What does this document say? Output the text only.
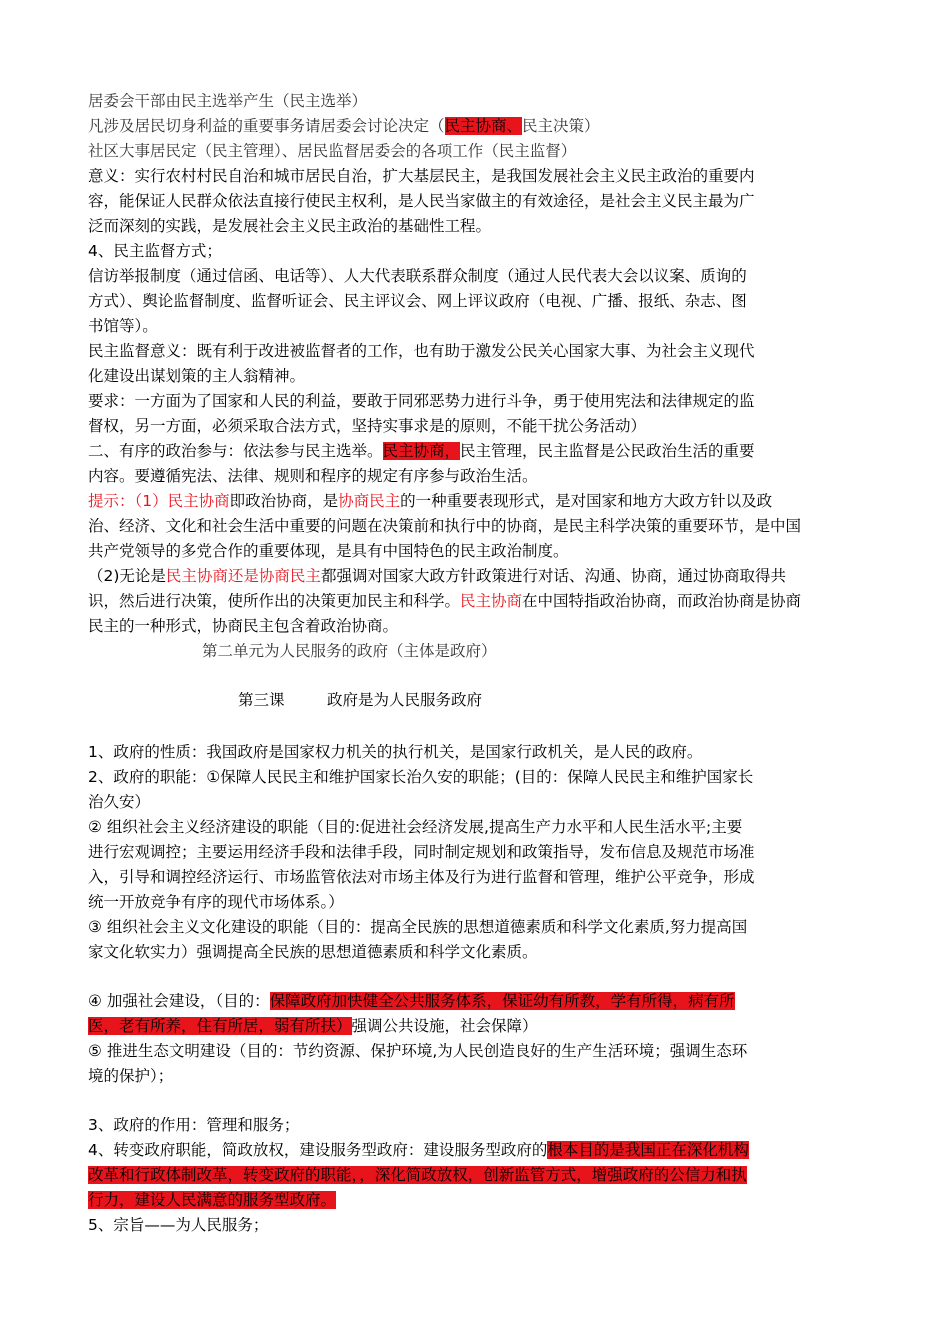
居委会干部由民主选举产生（民主选举）
凡涉及居民切身利益的重要事务请居委会讨论决定（民主协商、民主决策）
社区大事居民定（民主管理）、居民监督居委会的各项工作（民主监督）
意义：实行农村村民自治和城市居民自治，扩大基层民主，是我国发展社会主义民主政治的重要内
容，能保证人民群众依法直接行使民主权利，是人民当家做主的有效途径，是社会主义民主最为广
泛而深刻的实践，是发展社会主义民主政治的基础性工程。
4、民主监督方式；
信访举报制度（通过信函、电话等）、人大代表联系群众制度（通过人民代表大会以议案、质询的
方式）、舆论监督制度、监督听证会、民主评议会、网上评议政府（电视、广播、报纸、杂志、图
书馆等）。
民主监督意义：既有利于改进被监督者的工作，也有助于激发公民关心国家大事、为社会主义现代
化建设出谋划策的主人翁精神。
要求：一方面为了国家和人民的利益，要敢于同邪恶势力进行斗争，勇于使用宪法和法律规定的监
督权，另一方面，必须采取合法方式，坚持实事求是的原则，不能干扰公务活动）
二、有序的政治参与：依法参与民主选举。民主协商，民主管理，民主监督是公民政治生活的重要
内容。要遵循宪法、法律、规则和程序的规定有序参与政治生活。
提示：（1）民主协商即政治协商，是协商民主的一种重要表现形式，是对国家和地方大政方针以及政
治、经济、文化和社会生活中重要的问题在决策前和执行中的协商，是民主科学决策的重要环节，是中国
共产党领导的多党合作的重要体现，是具有中国特色的民主政治制度。
（2)无论是民主协商还是协商民主都强调对国家大政方针政策进行对话、沟通、协商，通过协商取得共
识，然后进行决策，使所作出的决策更加民主和科学。民主协商在中国特指政治协商，而政治协商是协商
民主的一种形式，协商民主包含着政治协商。
第二单元为人民服务的政府（主体是政府）
第三课	政府是为人民服务政府
1、政府的性质：我国政府是国家权力机关的执行机关，是国家行政机关，是人民的政府。
2、政府的职能：①保障人民民主和维护国家长治久安的职能；(目的：保障人民民主和维护国家长
治久安）
② 组织社会主义经济建设的职能（目的:促进社会经济发展,提高生产力水平和人民生活水平;主要
进行宏观调控；主要运用经济手段和法律手段，同时制定规划和政策指导，发布信息及规范市场准
入，引导和调控经济运行、市场监管依法对市场主体及行为进行监督和管理，维护公平竞争，形成
统一开放竞争有序的现代市场体系。）
③ 组织社会主义文化建设的职能（目的：提高全民族的思想道德素质和科学文化素质,努力提高国
家文化软实力）强调提高全民族的思想道德素质和科学文化素质。
④ 加强社会建设，（目的：保障政府加快健全公共服务体系，保证幼有所教，学有所得，病有所
医，老有所养，住有所居，弱有所扶）强调公共设施，社会保障）
⑤ 推进生态文明建设（目的：节约资源、保护环境,为人民创造良好的生产生活环境；强调生态环
境的保护）；
3、政府的作用：管理和服务；
4、转变政府职能，简政放权，建设服务型政府：建设服务型政府的根本目的是我国正在深化机构
改革和行政体制改革，转变政府的职能，，深化简政放权，创新监管方式，增强政府的公信力和执
行力，建设人民满意的服务型政府。
5、宗旨——为人民服务；
